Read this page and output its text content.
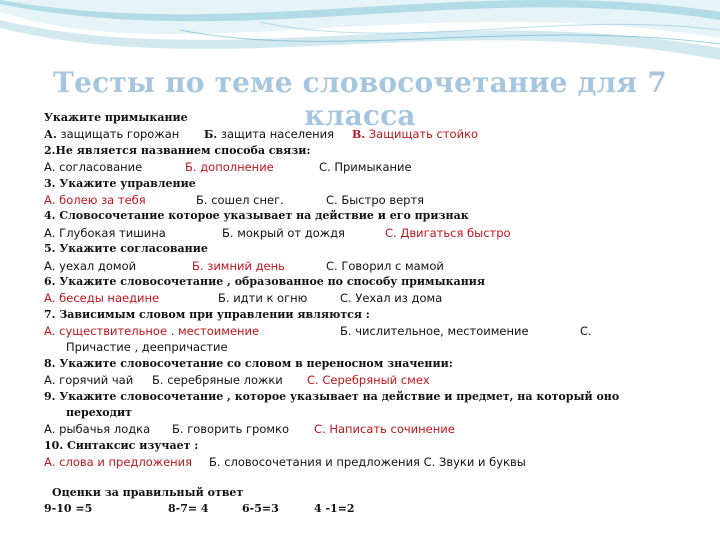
Тесты по теме словосочетание для 7 класса
Укажите примыкание
А. защищать горожан Б. защита населения В. Защищать стойко
2.Не является названием способа связи:
А. согласование	Б. дополнение	С. Примыкание
3. Укажите управление
А. болею за тебя	Б. сошел снег.	С. Быстро вертя
4. Словосочетание которое указывает на действие и его признак
А. Глубокая тишина	Б. мокрый от дождя	С. Двигаться быстро
5. Укажите согласование
А. уехал домой	Б. зимний день	С. Говорил с мамой
6. Укажите словосочетание , образованное по способу примыкания
А. беседы наедине	Б. идти к огню	С. Уехал из дома
7. Зависимым словом при управлении являются :
А. существительное . местоимение	Б. числительное, местоимение	С.
Причастие , деепричастие
8. Укажите словосочетание со словом в переносном значении:
А. горячий чай Б. серебряные ложки С. Серебряный смех
9. Укажите словосочетание , которое указывает на действие и предмет, на который оно
переходит
А. рыбачья лодка Б. говорить громко С. Написать сочинение
10. Синтаксис изучает :
А. слова и предложения Б. словосочетания и предложения С. Звуки и буквы
Оценки за правильный ответ
9-10 =5	8-7= 4	6-5=3	4 -1=2
